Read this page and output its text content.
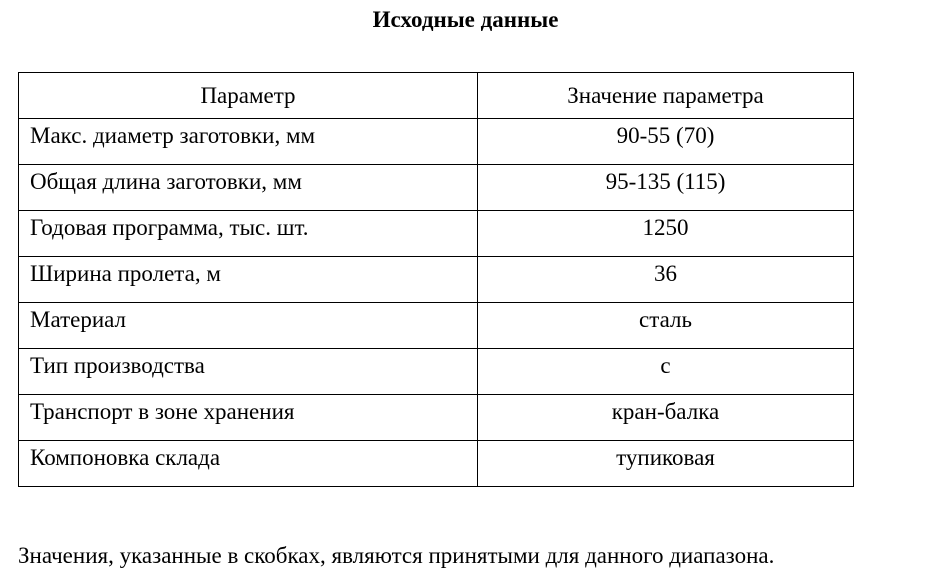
Исходные данные
Параметр	Значение параметра
Макс. диаметр заготовки, мм	90-55 (70)
Общая длина заготовки, мм	95-135 (115)
Годовая программа, тыс. шт.	1250
Ширина пролета, м	36
Материал	сталь
Тип производства	с
Транспорт в зоне хранения	кран-балка
Компоновка склада	тупиковая
Значения, указанные в скобках, являются принятыми для данного диапазона.
